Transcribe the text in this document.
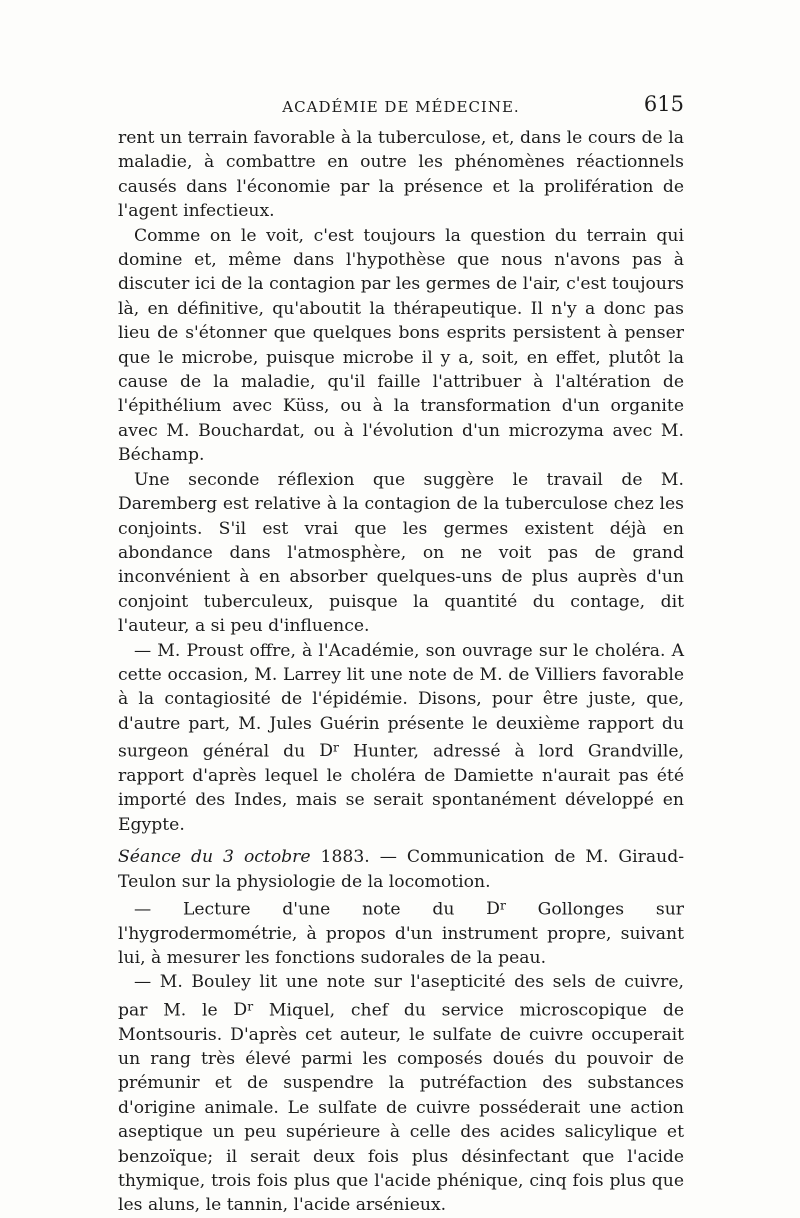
ACADÉMIE DE MÉDECINE.	615

rent un terrain favorable à la tuberculose, et, dans le cours de la maladie, à combattre en outre les phénomènes réactionnels causés dans l'économie par la présence et la prolifération de l'agent infectieux.

Comme on le voit, c'est toujours la question du terrain qui domine et, même dans l'hypothèse que nous n'avons pas à discuter ici de la contagion par les germes de l'air, c'est toujours là, en définitive, qu'aboutit la thérapeutique. Il n'y a donc pas lieu de s'étonner que quelques bons esprits persistent à penser que le microbe, puisque microbe il y a, soit, en effet, plutôt la cause de la maladie, qu'il faille l'attribuer à l'altération de l'épithélium avec Küss, ou à la transformation d'un organite avec M. Bouchardat, ou à l'évolution d'un microzyma avec M. Béchamp.

Une seconde réflexion que suggère le travail de M. Daremberg est relative à la contagion de la tuberculose chez les conjoints. S'il est vrai que les germes existent déjà en abondance dans l'atmosphère, on ne voit pas de grand inconvénient à en absorber quelques-uns de plus auprès d'un conjoint tuberculeux, puisque la quantité du contage, dit l'auteur, a si peu d'influence.

— M. Proust offre, à l'Académie, son ouvrage sur le choléra. A cette occasion, M. Larrey lit une note de M. de Villiers favorable à la contagiosité de l'épidémie. Disons, pour être juste, que, d'autre part, M. Jules Guérin présente le deuxième rapport du surgeon général du $D^r$ Hunter, adressé à lord Grandville, rapport d'après lequel le choléra de Damiette n'aurait pas été importé des Indes, mais se serait spontanément développé en Egypte.

Séance du 3 octobre 1883. — Communication de M. Giraud-Teulon sur la physiologie de la locomotion.

— Lecture d'une note du $D^r$ Gollonges sur l'hygrodermométrie, à propos d'un instrument propre, suivant lui, à mesurer les fonctions sudorales de la peau.

— M. Bouley lit une note sur l'asepticité des sels de cuivre, par M. le $D^r$ Miquel, chef du service microscopique de Montsouris. D'après cet auteur, le sulfate de cuivre occuperait un rang très élevé parmi les composés doués du pouvoir de prémunir et de suspendre la putréfaction des substances d'origine animale. Le sulfate de cuivre posséderait une action aseptique un peu supérieure à celle des acides salicylique et benzoïque; il serait deux fois plus désinfectant que l'acide thymique, trois fois plus que l'acide phénique, cinq fois plus que les aluns, le tannin, l'acide arsénieux.
